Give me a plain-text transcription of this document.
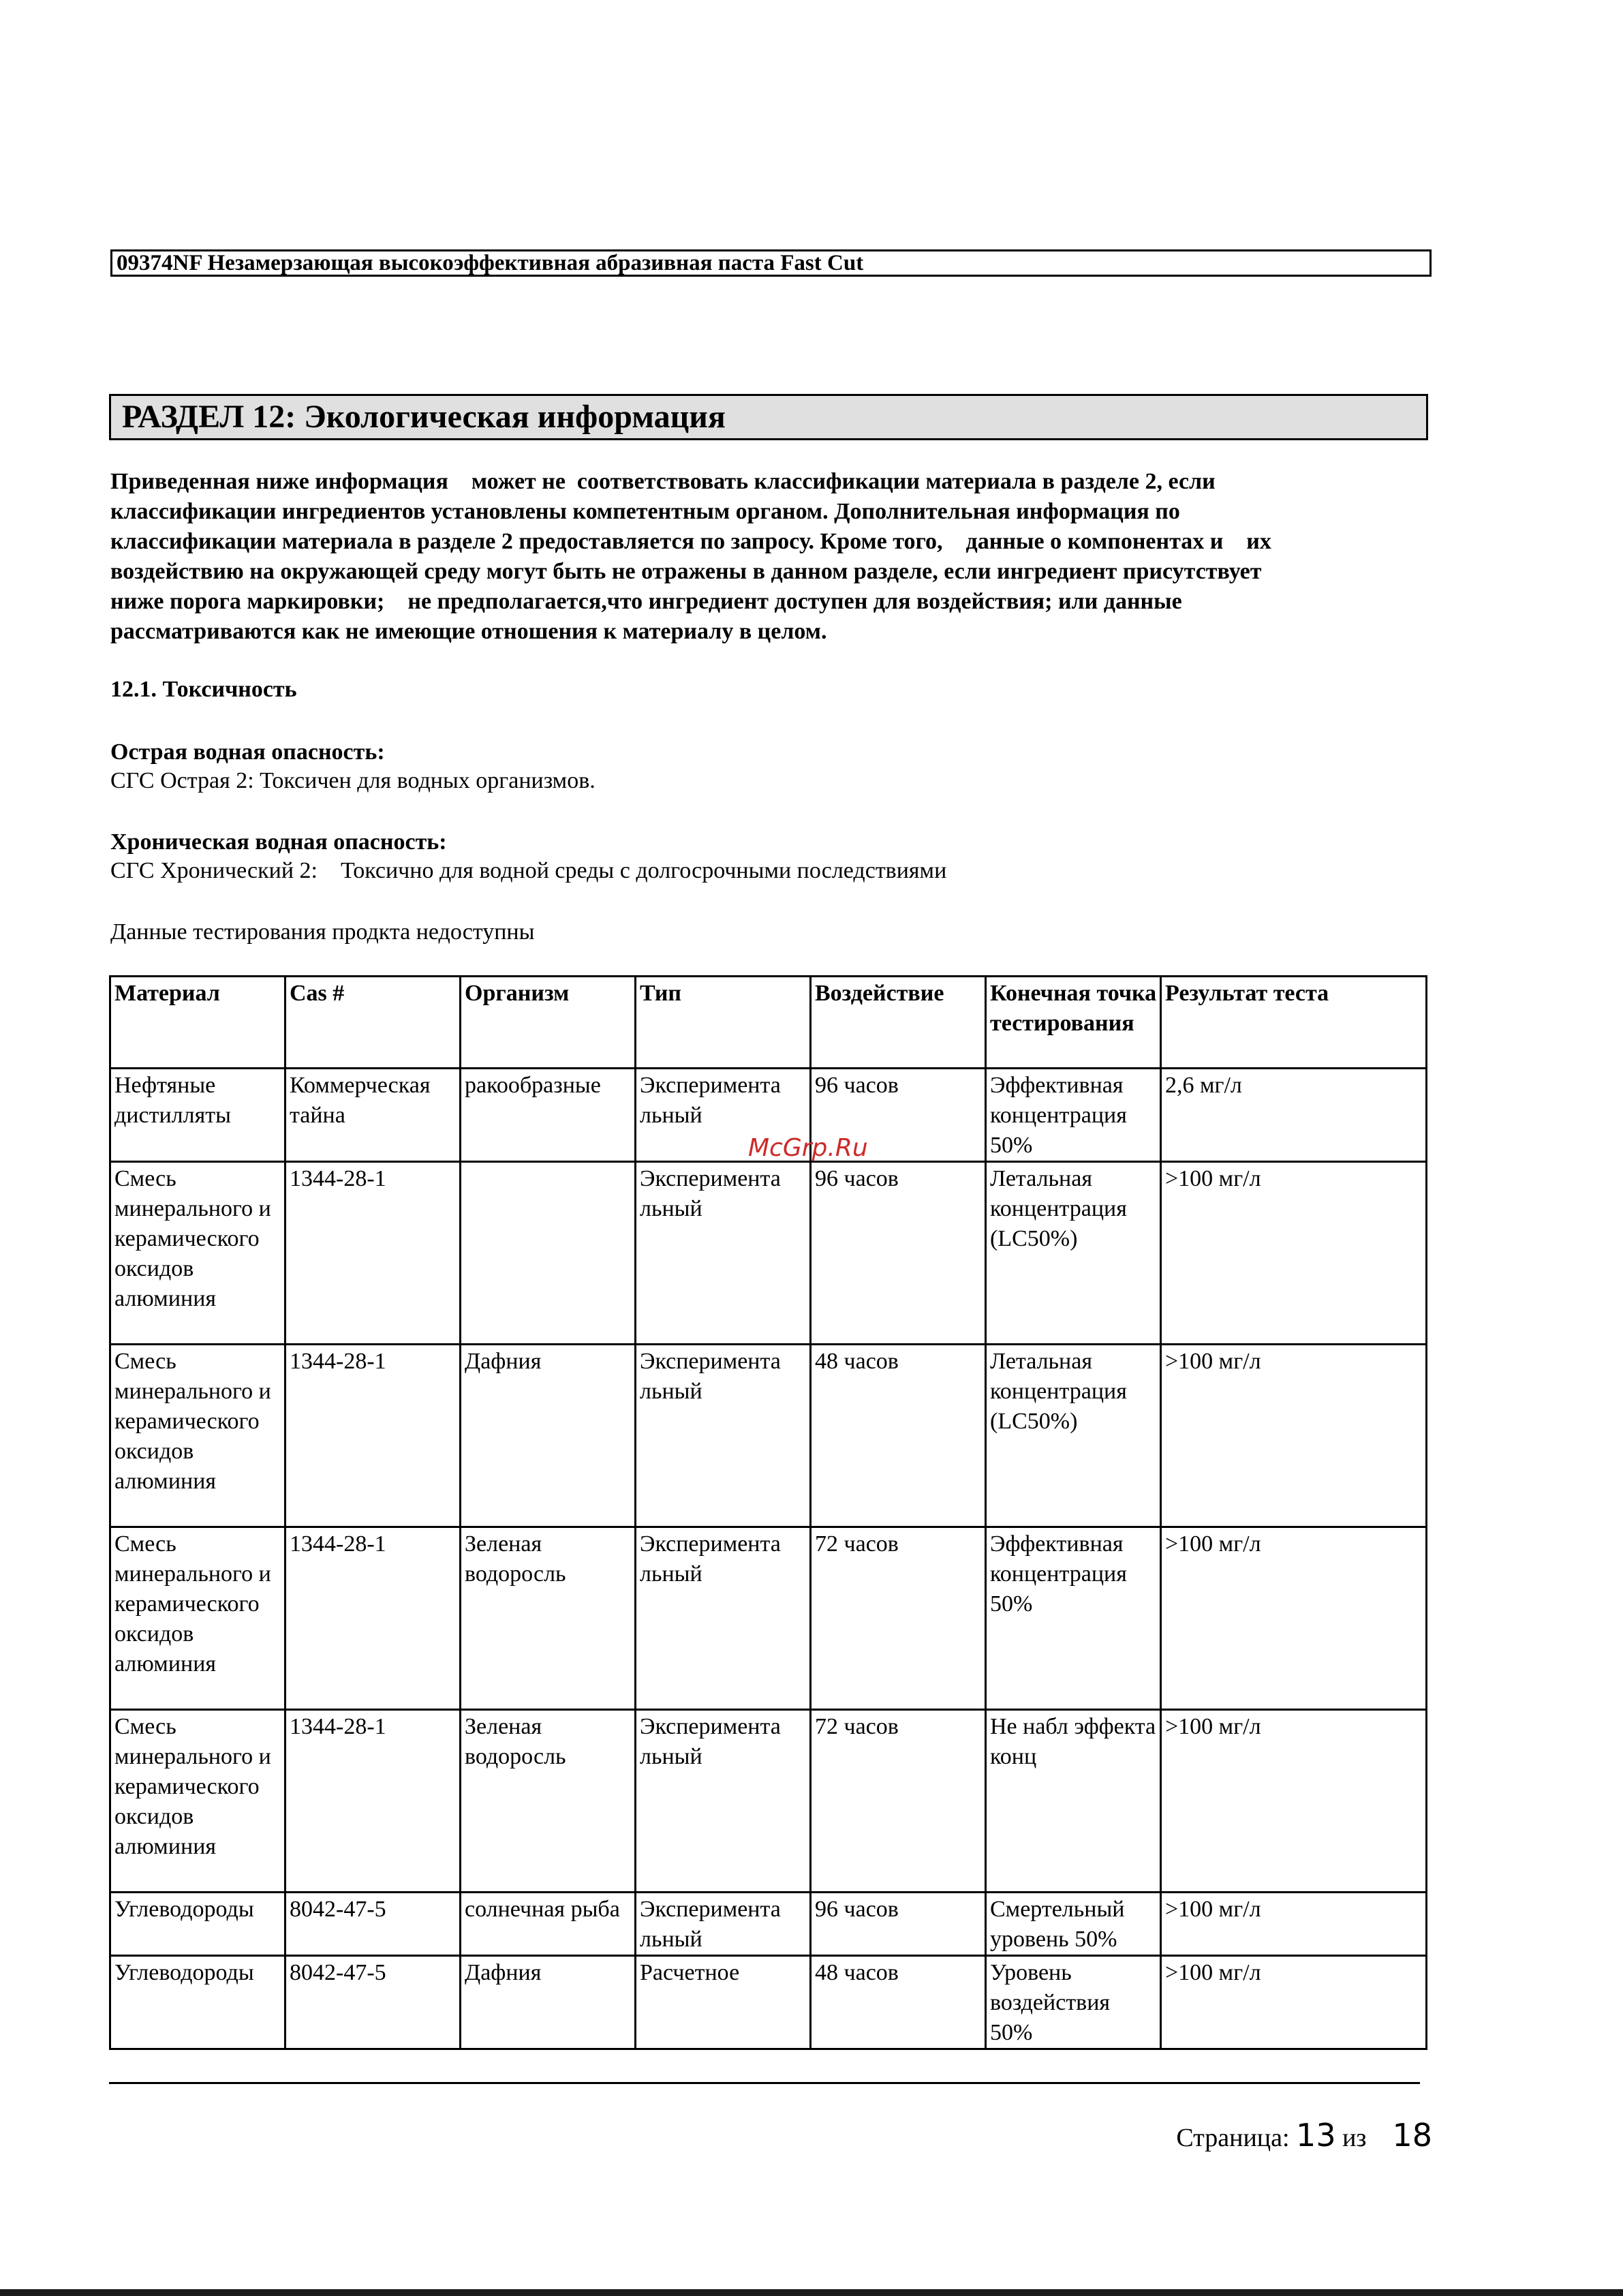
09374NF Незамерзающая высокоэффективная абразивная паста Fast Cut
РАЗДЕЛ 12: Экологическая информация
Приведенная ниже информация    может не  соответствовать классификации материала в разделе 2, если
классификации ингредиентов установлены компетентным органом. Дополнительная информация по
классификации материала в разделе 2 предоставляется по запросу. Кроме того,    данные о компонентах и    их
воздействию на окружающей среду могут быть не отражены в данном разделе, если ингредиент присутствует
ниже порога маркировки;    не предполагается,что ингредиент доступен для воздействия; или данные
рассматриваются как не имеющие отношения к материалу в целом.
12.1. Токсичность
Острая водная опасность:
СГС Острая 2: Токсичен для водных организмов.
Хроническая водная опасность:
СГС Хронический 2:    Токсично для водной среды с долгосрочными последствиями
Данные тестирования продкта недоступны
Материал	Cas #	Организм	Тип	Воздействие	Конечная точка тестирования	Результат теста
Нефтяные дистилляты	Коммерческая тайна	ракообразные	Эксперимента льный	96 часов	Эффективная концентрация 50%	2,6 мг/л
Смесь минерального и керамического оксидов алюминия	1344-28-1		Эксперимента льный	96 часов	Летальная концентрация (LC50%)	>100 мг/л
Смесь минерального и керамического оксидов алюминия	1344-28-1	Дафния	Эксперимента льный	48 часов	Летальная концентрация (LC50%)	>100 мг/л
Смесь минерального и керамического оксидов алюминия	1344-28-1	Зеленая водоросль	Эксперимента льный	72 часов	Эффективная концентрация 50%	>100 мг/л
Смесь минерального и керамического оксидов алюминия	1344-28-1	Зеленая водоросль	Эксперимента льный	72 часов	Не набл эффекта конц	>100 мг/л
Углеводороды	8042-47-5	солнечная рыба	Эксперимента льный	96 часов	Смертельный уровень 50%	>100 мг/л
Углеводороды	8042-47-5	Дафния	Расчетное	48 часов	Уровень воздействия 50%	>100 мг/л
McGrp.Ru
Страница: 13 из 18
